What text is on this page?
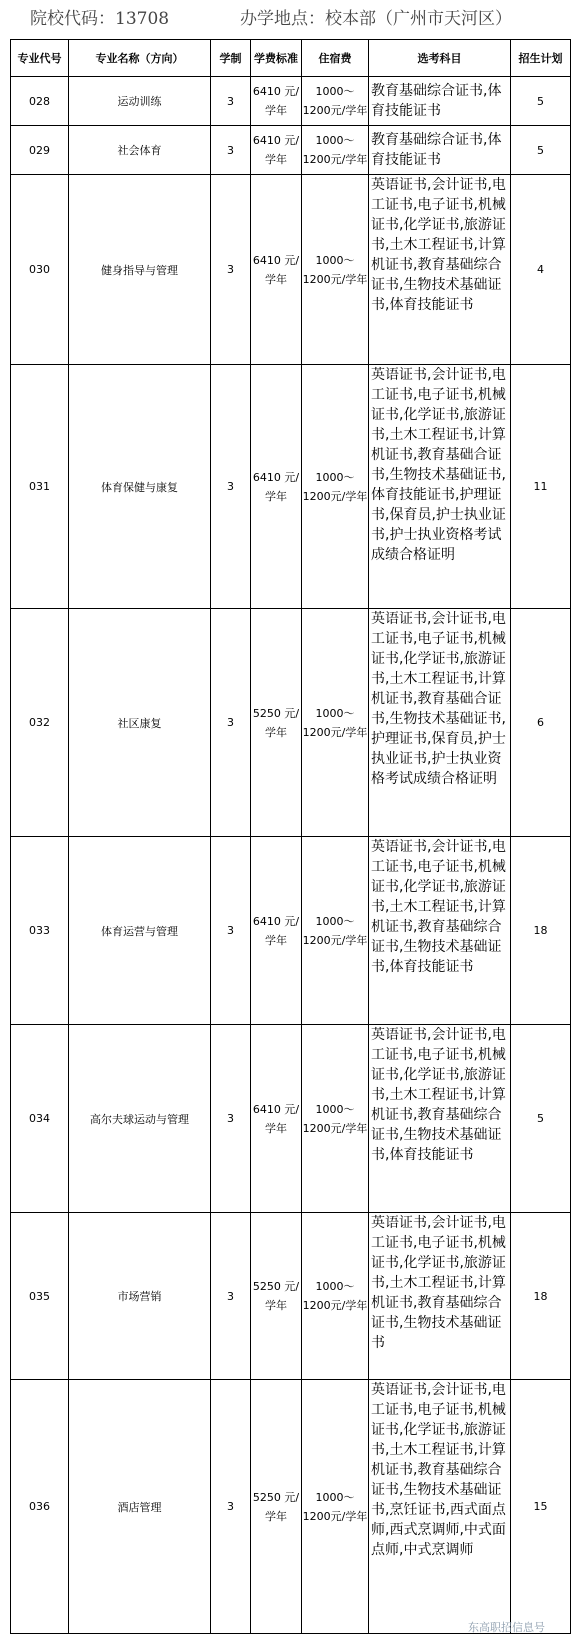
院校代码：13708	办学地点：校本部（广州市天河区）
专业代号	专业名称（方向）	学制	学费标准	住宿费	选考科目	招生计划
028	运动训练	3	6410 元/学年	1000～1200元/学年	教育基础综合证书,体育技能证书	5
029	社会体育	3	6410 元/学年	1000～1200元/学年	教育基础综合证书,体育技能证书	5
030	健身指导与管理	3	6410 元/学年	1000～1200元/学年	英语证书,会计证书,电工证书,电子证书,机械证书,化学证书,旅游证书,土木工程证书,计算机证书,教育基础综合证书,生物技术基础证书,体育技能证书	4
031	体育保健与康复	3	6410 元/学年	1000～1200元/学年	英语证书,会计证书,电工证书,电子证书,机械证书,化学证书,旅游证书,土木工程证书,计算机证书,教育基础合证书,生物技术基础证书,体育技能证书,护理证书,保育员,护士执业证书,护士执业资格考试成绩合格证明	11
032	社区康复	3	5250 元/学年	1000～1200元/学年	英语证书,会计证书,电工证书,电子证书,机械证书,化学证书,旅游证书,土木工程证书,计算机证书,教育基础合证书,生物技术基础证书,护理证书,保育员,护士执业证书,护士执业资格考试成绩合格证明	6
033	体育运营与管理	3	6410 元/学年	1000～1200元/学年	英语证书,会计证书,电工证书,电子证书,机械证书,化学证书,旅游证书,土木工程证书,计算机证书,教育基础综合证书,生物技术基础证书,体育技能证书	18
034	高尔夫球运动与管理	3	6410 元/学年	1000～1200元/学年	英语证书,会计证书,电工证书,电子证书,机械证书,化学证书,旅游证书,土木工程证书,计算机证书,教育基础综合证书,生物技术基础证书,体育技能证书	5
035	市场营销	3	5250 元/学年	1000～1200元/学年	英语证书,会计证书,电工证书,电子证书,机械证书,化学证书,旅游证书,土木工程证书,计算机证书,教育基础综合证书,生物技术基础证书	18
036	酒店管理	3	5250 元/学年	1000～1200元/学年	英语证书,会计证书,电工证书,电子证书,机械证书,化学证书,旅游证书,土木工程证书,计算机证书,教育基础综合证书,生物技术基础证书,烹饪证书,西式面点师,西式烹调师,中式面点师,中式烹调师	15
东高职招信息号
